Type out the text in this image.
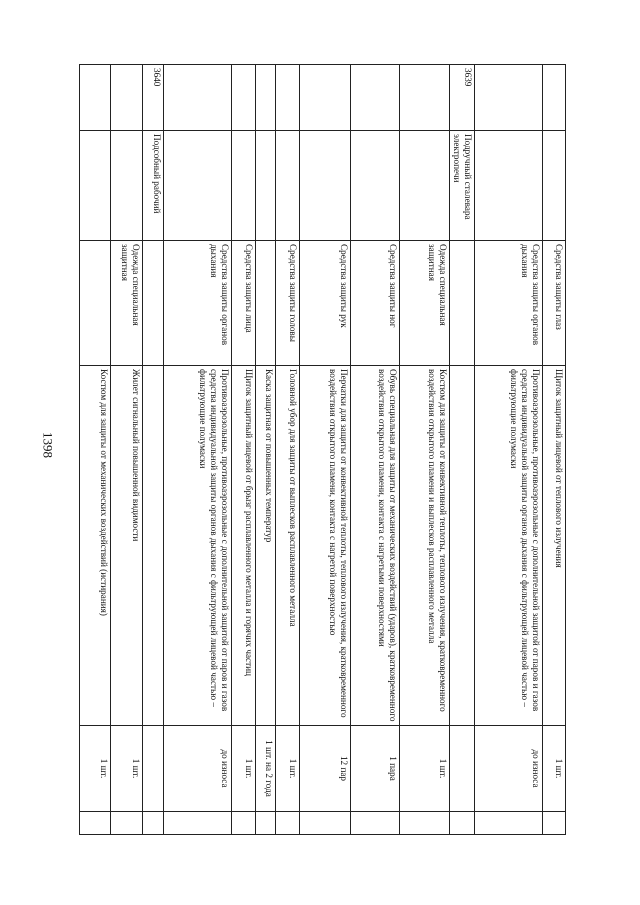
1398
		Средства защиты глаз	Щиток защитный лицевой от теплового излучения	1 шт.	
		Средства защиты органов дыхания	Противоаэрозольные, противоаэрозольные с дополнительной защитой от паров и газов средства индивидуальной защиты органов дыхания с фильтрующей лицевой частью – фильтрующие полумаски	до износа	
3639	Подручный сталевара электропечи				
		Одежда специальная защитная	Костюм для защиты от конвективной теплоты, теплового излучения, кратковременного воздействия открытого пламени и выплесков расплавленного металла	1 шт.	
		Средства защиты ног	Обувь специальная для защиты от механических воздействий (ударов), кратковременного воздействия открытого пламени, контакта с нагретыми поверхностями	1 пара	
		Средства защиты рук	Перчатки для защиты от конвективной теплоты, теплового излучения, кратковременного воздействия открытого пламени, контакта с нагретой поверхностью	12 пар	
		Средства защиты головы	Головной убор для защиты от выплесков расплавленного металла	1 шт.	
			Каска защитная от повышенных температур	1 шт. на 2 года	
		Средства защиты лица	Щиток защитный лицевой от брызг расплавленного металла и горячих частиц	1 шт.	
		Средства защиты органов дыхания	Противоаэрозольные, противоаэрозольные с дополнительной защитой от паров и газов средства индивидуальной защиты органов дыхания с фильтрующей лицевой частью – фильтрующие полумаски	до износа	
3640	Подсобный рабочий				
		Одежда специальная защитная	Жилет сигнальный повышенной видимости	1 шт.	
			Костюм для защиты от механических воздействий (истирания)	1 шт.	
